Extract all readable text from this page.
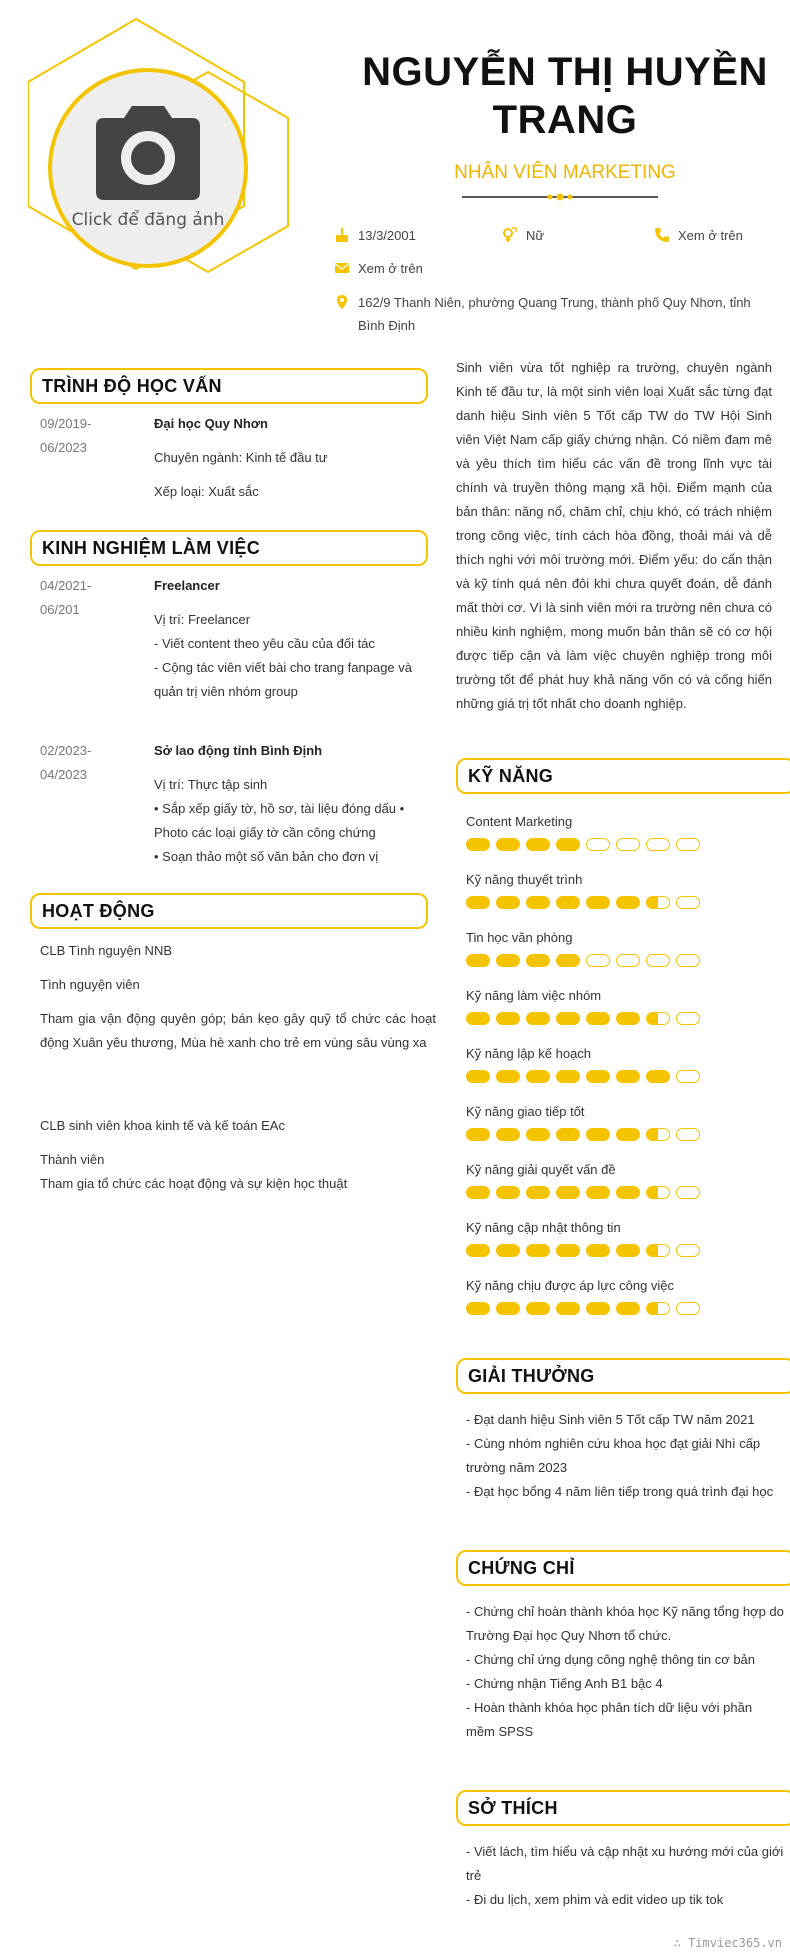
Click để đăng ảnh
NGUYỄN THỊ HUYỀN TRANG
NHÂN VIÊN MARKETING
13/3/2001	Nữ	Xem ở trên
Xem ở trên
162/9 Thanh Niên, phường Quang Trung, thành phố Quy Nhơn, tỉnh Bình Định
TRÌNH ĐỘ HỌC VẤN
09/2019-
06/2023
Đại học Quy Nhơn
Chuyên ngành: Kinh tế đầu tư
Xếp loại: Xuất sắc
KINH NGHIỆM LÀM VIỆC
04/2021-
06/201
Freelancer
Vị trí: Freelancer
- Viết content theo yêu cầu của đối tác
- Cộng tác viên viết bài cho trang fanpage và quản trị viên nhóm group
02/2023-
04/2023
Sở lao động tỉnh Bình Định
Vị trí: Thực tập sinh
• Sắp xếp giấy tờ, hồ sơ, tài liệu đóng dấu • Photo các loại giấy tờ cần công chứng
• Soạn thảo một số văn bản cho đơn vị
HOẠT ĐỘNG
CLB Tình nguyện NNB
Tình nguyện viên
Tham gia vận động quyên góp; bán kẹo gây quỹ tổ chức các hoạt động Xuân yêu thương, Mùa hè xanh cho trẻ em vùng sâu vùng xa
CLB sinh viên khoa kinh tế và kế toán EAc
Thành viên
Tham gia tổ chức các hoạt động và sự kiện học thuật
Sinh viên vừa tốt nghiệp ra trường, chuyên ngành Kinh tế đầu tư, là một sinh viên loại Xuất sắc từng đạt danh hiệu Sinh viên 5 Tốt cấp TW do TW Hội Sinh viên Việt Nam cấp giấy chứng nhận. Có niềm đam mê và yêu thích tìm hiểu các vấn đề trong lĩnh vực tài chính và truyền thông mạng xã hội. Điểm mạnh của bản thân: năng nổ, chăm chỉ, chịu khó, có trách nhiệm trong công việc, tính cách hòa đồng, thoải mái và dễ thích nghi với môi trường mới. Điểm yếu: do cẩn thận và kỹ tính quá nên đôi khi chưa quyết đoán, dễ đánh mất thời cơ. Vì là sinh viên mới ra trường nên chưa có nhiều kinh nghiệm, mong muốn bản thân sẽ có cơ hội được tiếp cận và làm việc chuyên nghiệp trong môi trường tốt để phát huy khả năng vốn có và cống hiến những giá trị tốt nhất cho doanh nghiệp.
KỸ NĂNG
Content Marketing
Kỹ năng thuyết trình
Tin học văn phòng
Kỹ năng làm việc nhóm
Kỹ năng lập kế hoạch
Kỹ năng giao tiếp tốt
Kỹ năng giải quyết vấn đề
Kỹ năng cập nhật thông tin
Kỹ năng chịu được áp lực công việc
GIẢI THƯỞNG
- Đạt danh hiệu Sinh viên 5 Tốt cấp TW năm 2021
- Cùng nhóm nghiên cứu khoa học đạt giải Nhì cấp trường năm 2023
- Đạt học bổng 4 năm liên tiếp trong quá trình đại học
CHỨNG CHỈ
- Chứng chỉ hoàn thành khóa học Kỹ năng tổng hợp do Trường Đại học Quy Nhơn tổ chức.
- Chứng chỉ ứng dụng công nghệ thông tin cơ bản
- Chứng nhận Tiếng Anh B1 bậc 4
- Hoàn thành khóa học phân tích dữ liệu với phần mềm SPSS
SỞ THÍCH
- Viết lách, tìm hiểu và cập nhật xu hướng mới của giới trẻ
- Đi du lịch, xem phim và edit video up tik tok
∴ Timviec365.vn
